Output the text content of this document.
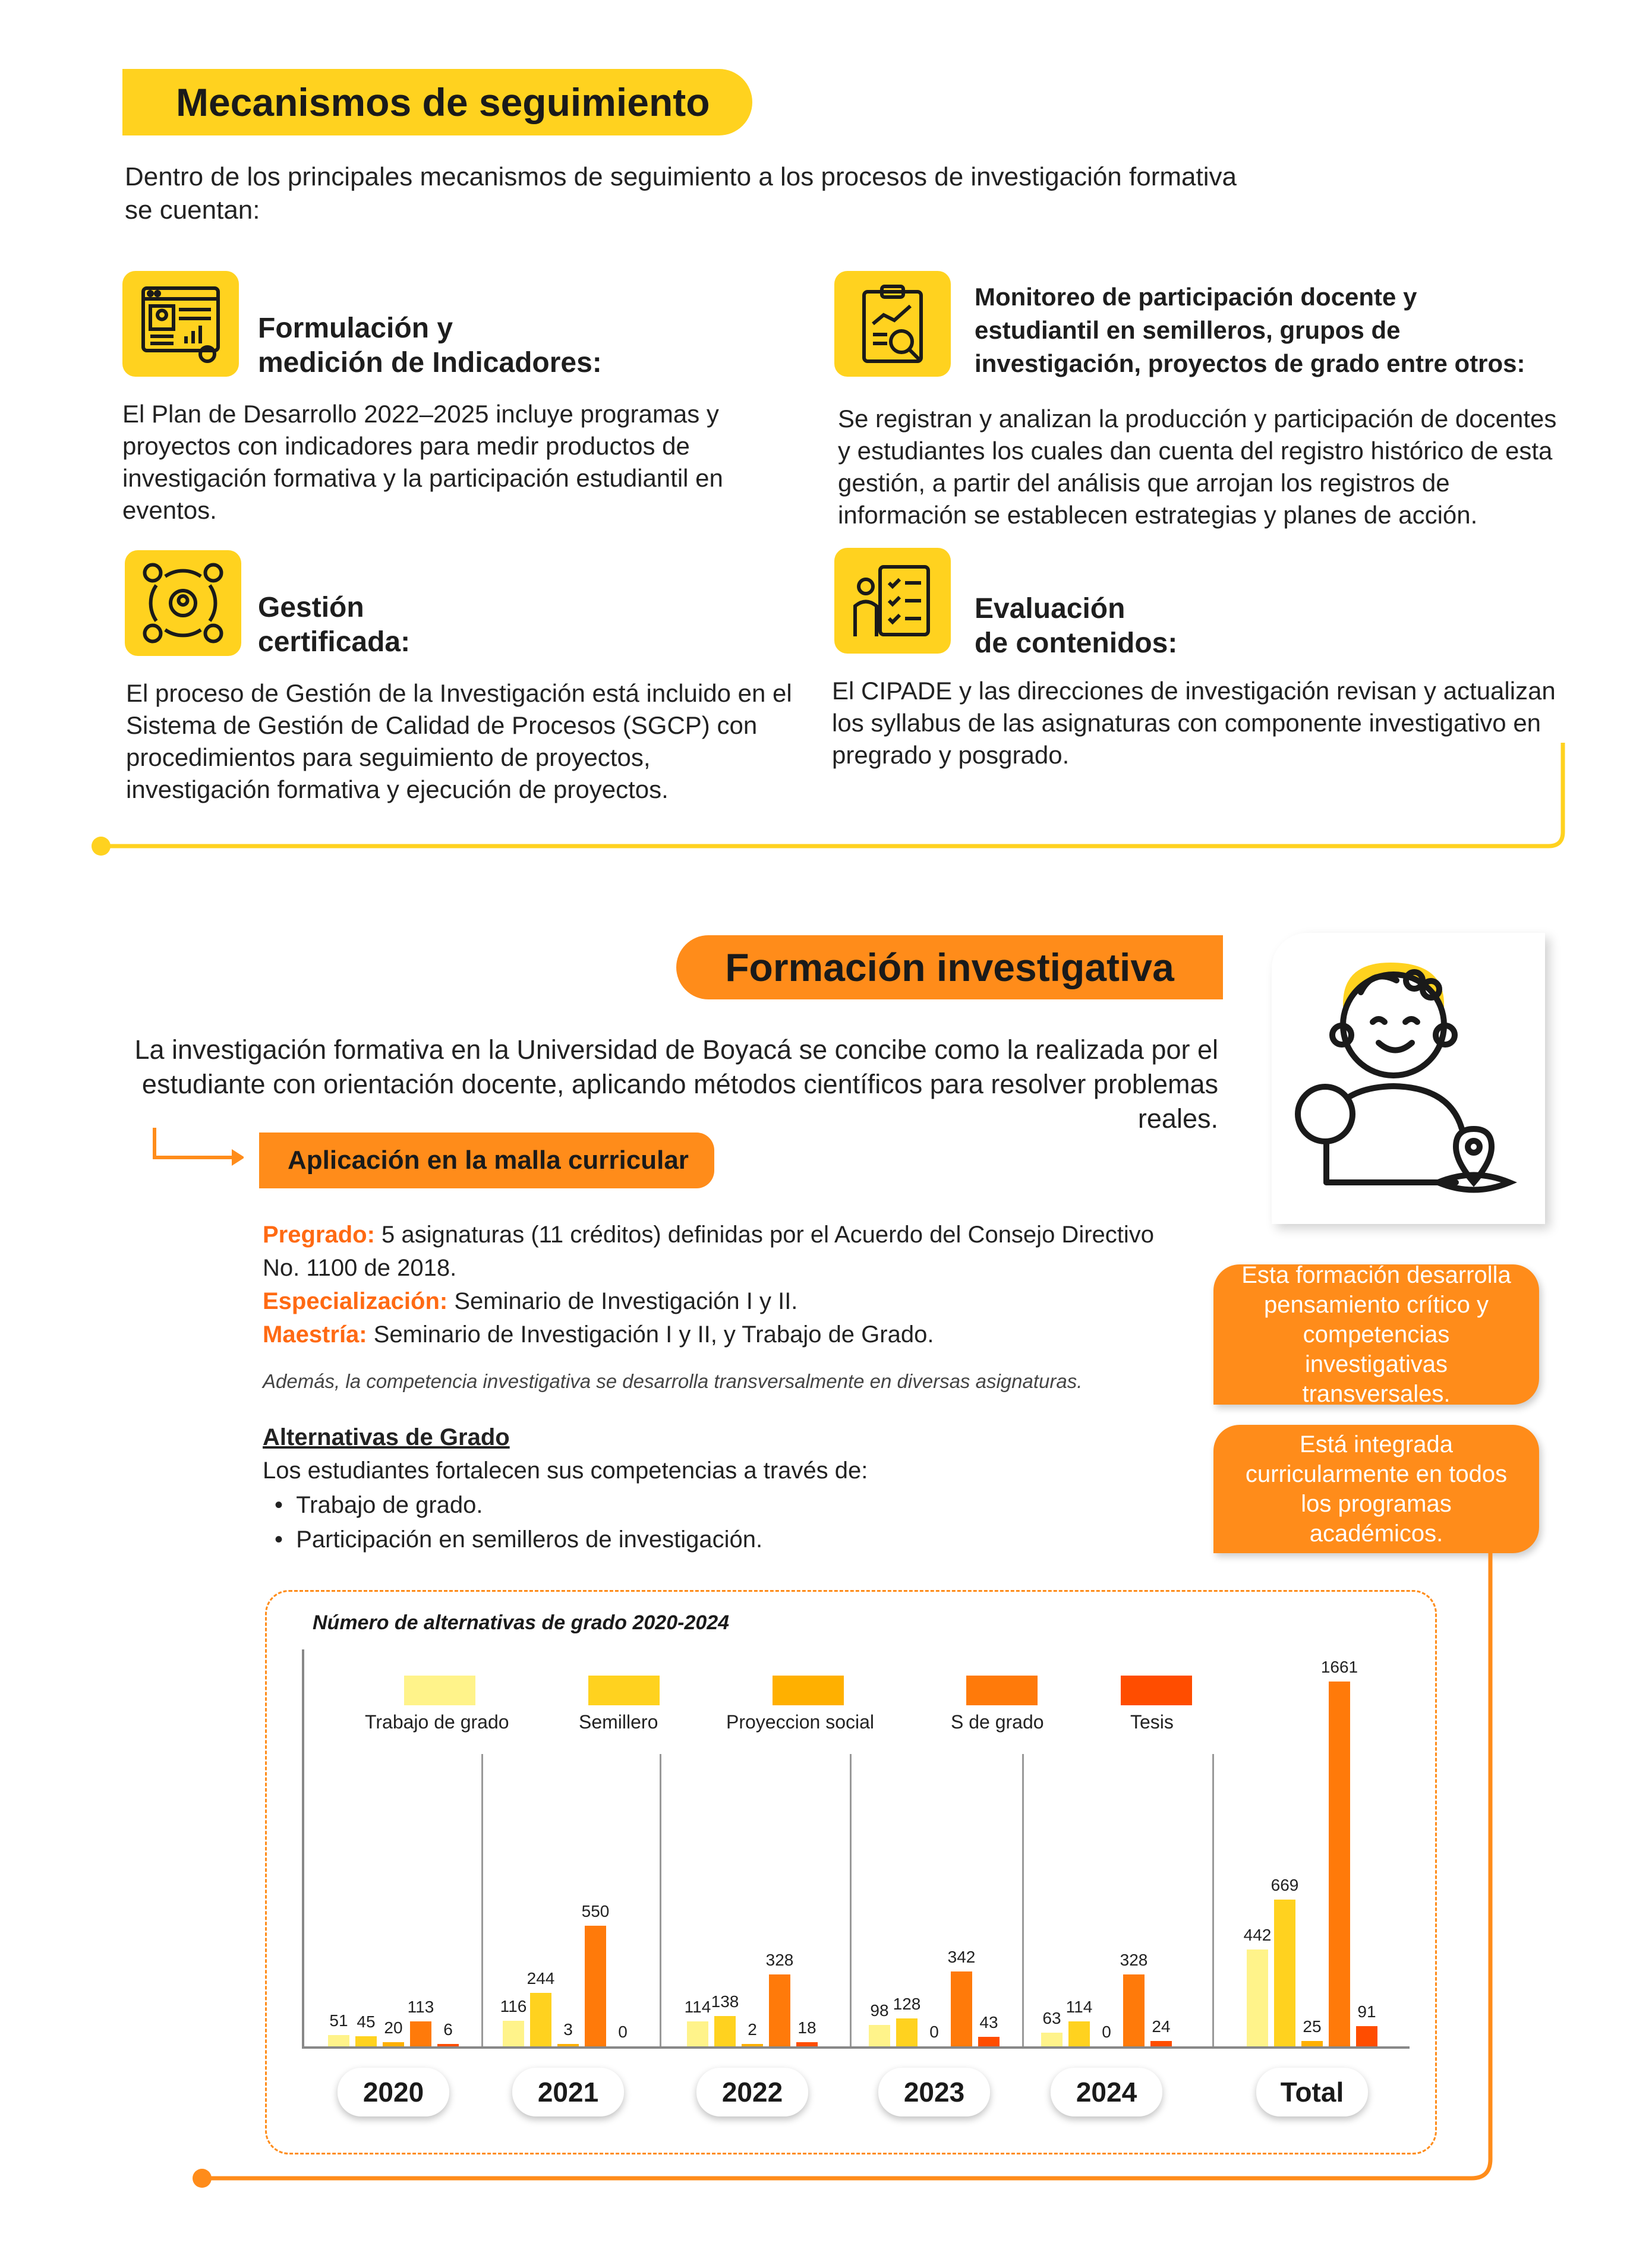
Mecanismos de seguimiento
Dentro de los principales mecanismos de seguimiento a los procesos de investigación formativa se cuentan:
Formulación y
medición de Indicadores:
El Plan de Desarrollo 2022–2025 incluye programas y proyectos con indicadores para medir productos de investigación formativa y la participación estudiantil en eventos.
Monitoreo de participación docente y
estudiantil en semilleros, grupos de
investigación, proyectos de grado entre otros:
Se registran y analizan la producción y participación de docentes y estudiantes los cuales dan cuenta del registro histórico de esta gestión, a partir del análisis que arrojan los registros de información se establecen estrategias y planes de acción.
Gestión
certificada:
El proceso de Gestión de la Investigación está incluido en el Sistema de Gestión de Calidad de Procesos (SGCP) con procedimientos para seguimiento de proyectos, investigación formativa y ejecución de proyectos.
Evaluación
de contenidos:
El CIPADE y las direcciones de investigación revisan y actualizan los syllabus de las asignaturas con componente investigativo en pregrado y posgrado.
Formación investigativa
La investigación formativa en la Universidad de Boyacá se concibe como la realizada por el estudiante con orientación docente, aplicando métodos científicos para resolver problemas reales.
Aplicación en la malla curricular
Pregrado: 5 asignaturas (11 créditos) definidas por el Acuerdo del Consejo Directivo No. 1100 de 2018.
Especialización: Seminario de Investigación I y II.
Maestría: Seminario de Investigación I y II, y Trabajo de Grado.
Además, la competencia investigativa se desarrolla transversalmente en diversas asignaturas.
Alternativas de Grado
Los estudiantes fortalecen sus competencias a través de:
•  Trabajo de grado.
•  Participación en semilleros de investigación.
Esta formación desarrolla pensamiento crítico y competencias investigativas transversales.
Está integrada curricularmente en todos los programas académicos.
Número de alternativas de grado 2020-2024
Trabajo de grado	Semillero	Proyeccion social	S de grado	Tesis
51 45 20
113
6
2020
116
244
3
550
0
2021
114 138
2
328
18
2022
98 128
0
342
43
2023
63
114
0
328
24
2024
442
669
25
1661
91
Total
